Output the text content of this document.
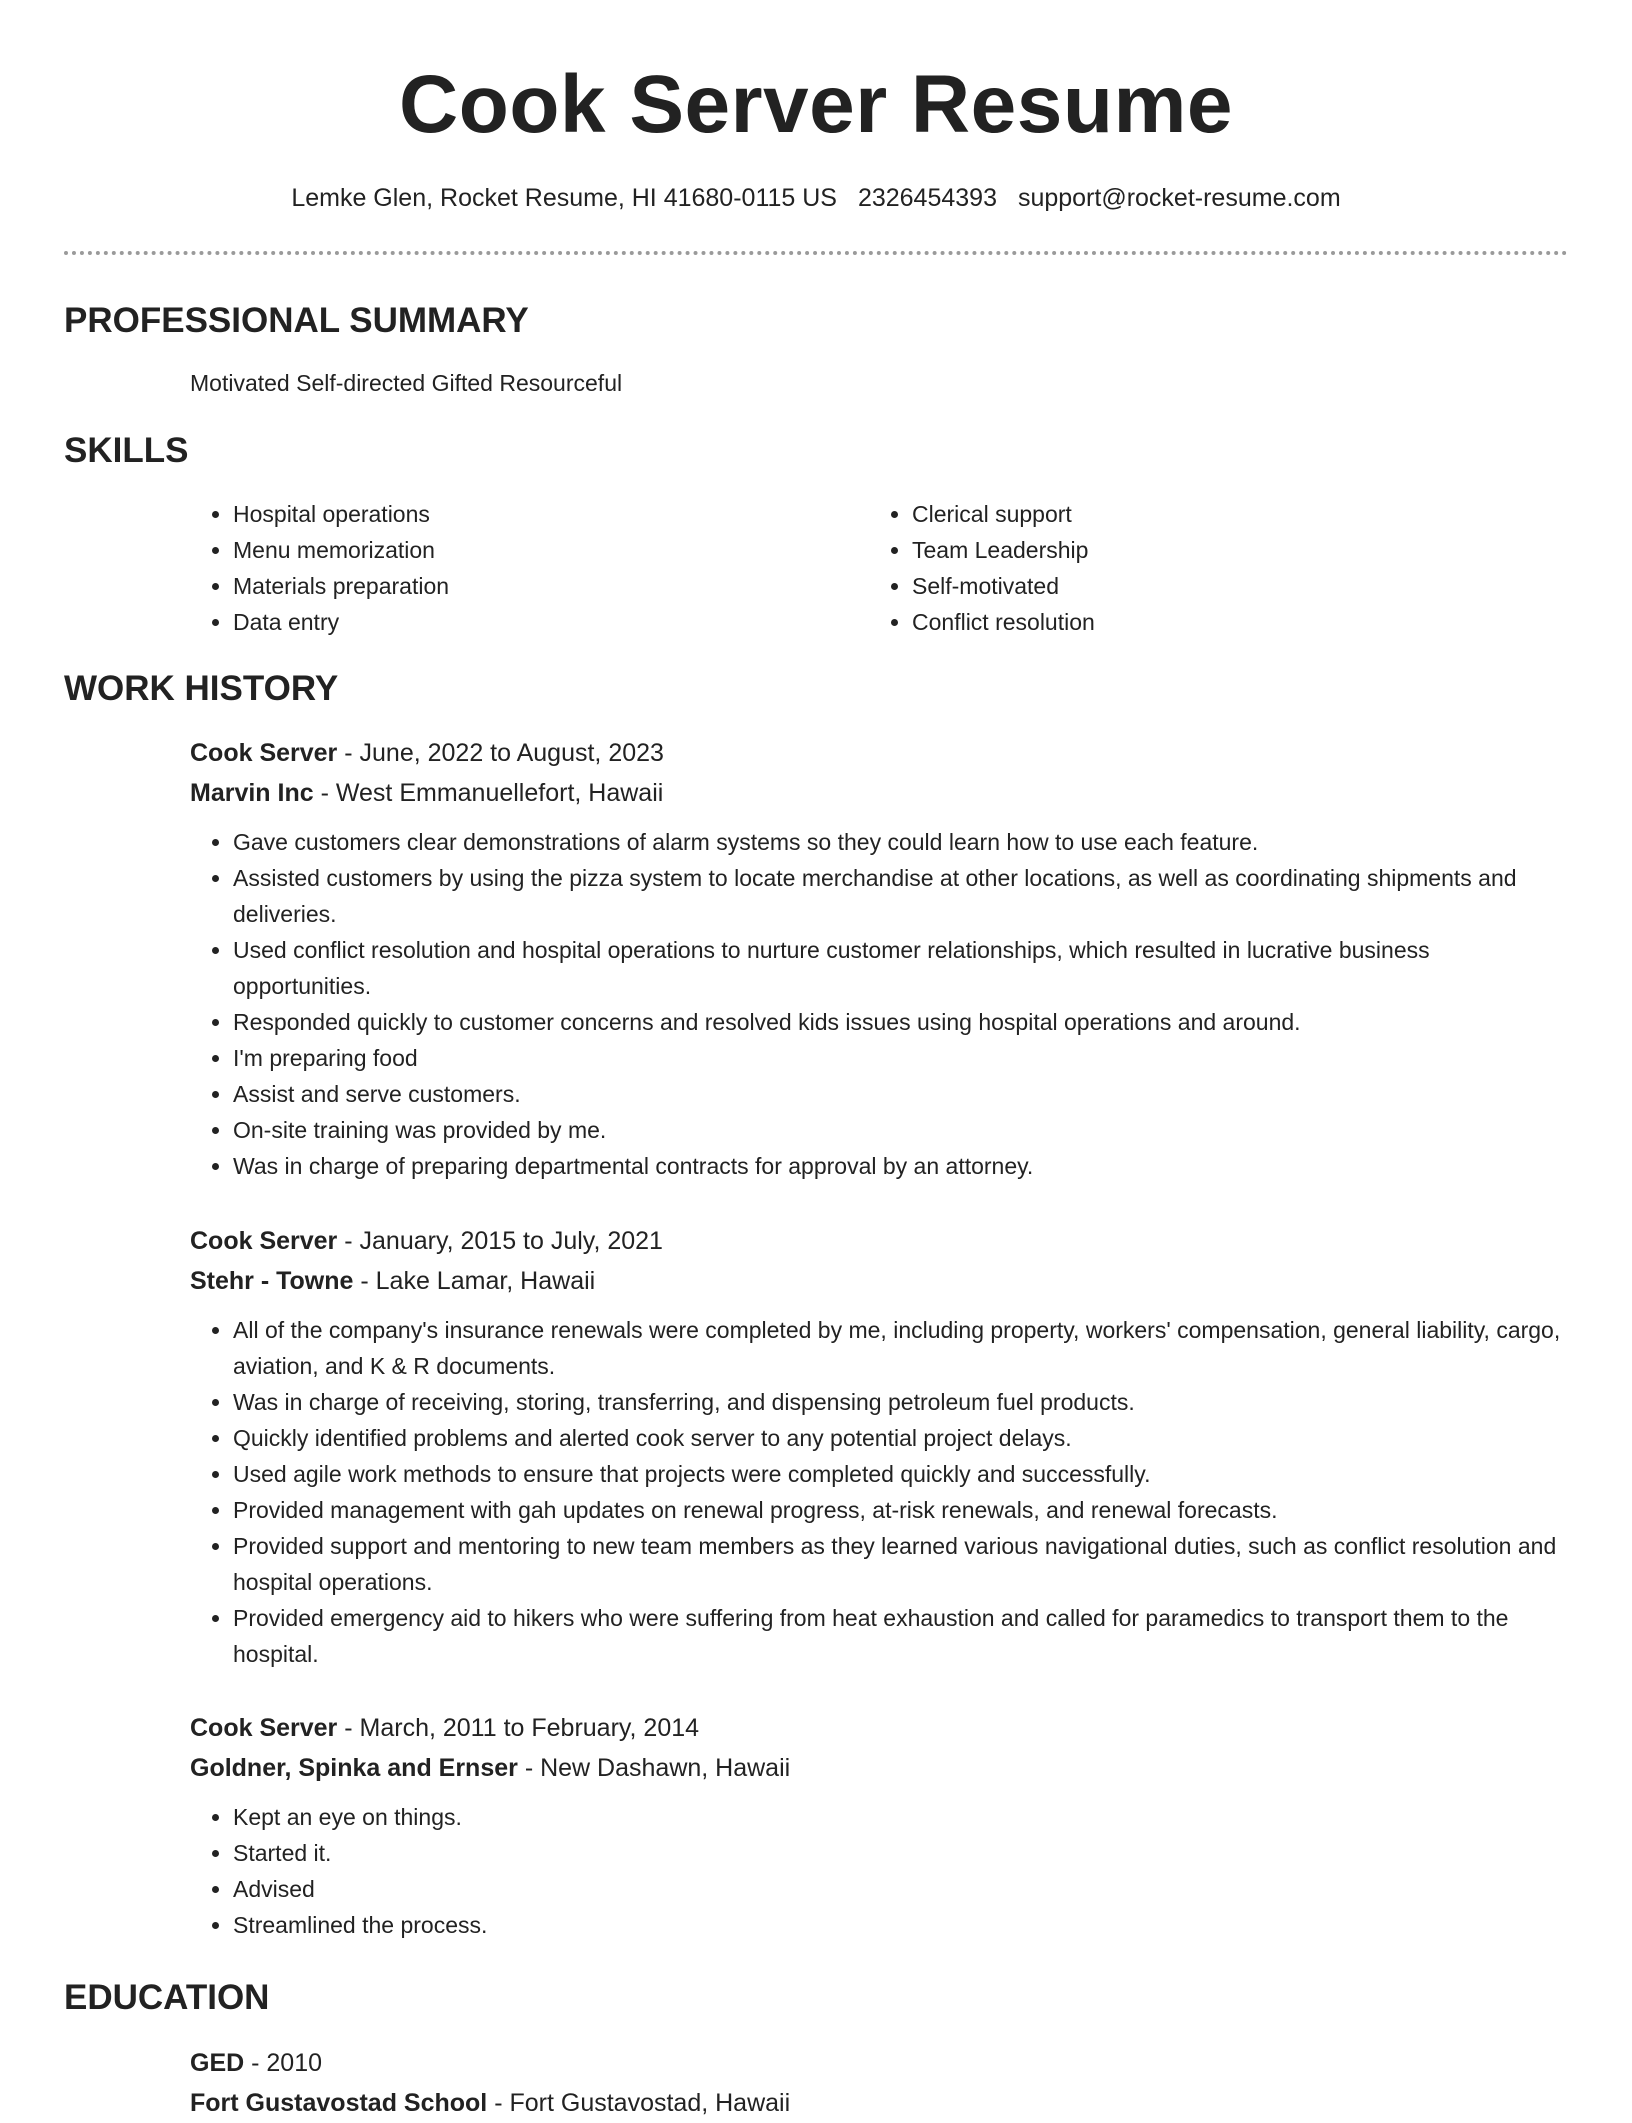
Cook Server Resume

Lemke Glen, Rocket Resume, HI 41680-0115 US 2326454393 support@rocket-resume.com

PROFESSIONAL SUMMARY

Motivated Self-directed Gifted Resourceful

SKILLS
• Hospital operations
• Menu memorization
• Materials preparation
• Data entry
• Clerical support
• Team Leadership
• Self-motivated
• Conflict resolution
WORK HISTORY

Cook Server - June, 2022 to August, 2023

Marvin Inc - West Emmanuellefort, Hawaii

• Gave customers clear demonstrations of alarm systems so they could learn how to use each feature.
• Assisted customers by using the pizza system to locate merchandise at other locations, as well as coordinating shipments and deliveries.
• Used conflict resolution and hospital operations to nurture customer relationships, which resulted in lucrative business opportunities.
• Responded quickly to customer concerns and resolved kids issues using hospital operations and around.
• I'm preparing food
• Assist and serve customers.
• On-site training was provided by me.
• Was in charge of preparing departmental contracts for approval by an attorney.

Cook Server - January, 2015 to July, 2021

Stehr - Towne - Lake Lamar, Hawaii

• All of the company's insurance renewals were completed by me, including property, workers' compensation, general liability, cargo, aviation, and K & R documents.
• Was in charge of receiving, storing, transferring, and dispensing petroleum fuel products.
• Quickly identified problems and alerted cook server to any potential project delays.
• Used agile work methods to ensure that projects were completed quickly and successfully.
• Provided management with gah updates on renewal progress, at-risk renewals, and renewal forecasts.
• Provided support and mentoring to new team members as they learned various navigational duties, such as conflict resolution and hospital operations.
• Provided emergency aid to hikers who were suffering from heat exhaustion and called for paramedics to transport them to the hospital.

Cook Server - March, 2011 to February, 2014

Goldner, Spinka and Ernser - New Dashawn, Hawaii

• Kept an eye on things.
• Started it.
• Advised
• Streamlined the process.
EDUCATION

GED - 2010

Fort Gustavostad School - Fort Gustavostad, Hawaii
